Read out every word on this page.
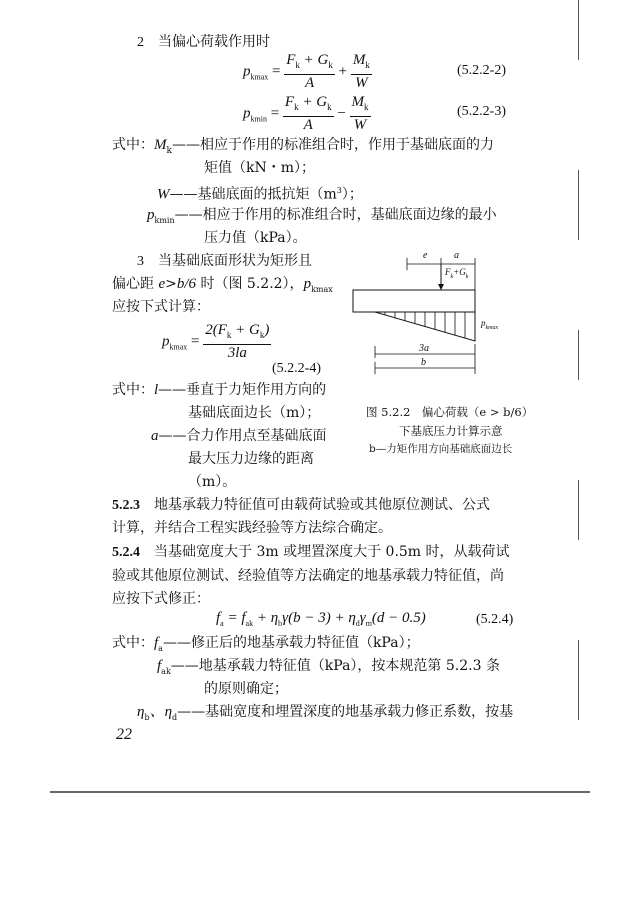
2　 当偏心荷载作用时
$p_{kmax} = \frac{F_k + G_k}{A} + \frac{M_k}{W}$	(5.2.2-2)
$p_{kmin} = \frac{F_k + G_k}{A} - \frac{M_k}{W}$	(5.2.2-3)
式中：$M_k——$相应于作用的标准组合时，作用于基础底面的力
矩值（kN・m）；
W——基础底面的抵抗矩$(m^3)$；
$p_{kmin}——$相应于作用的标准组合时，基础底面边缘的最小
压力值（kPa）。
3　 当基础底面形状为矩形且
偏心距 e>b/6 时（图 5.2.2），$p_{kmax}$
应按下式计算：
$p_{kmax} = \frac{2(F_k + G_k)}{3la}$
(5.2.2-4)
式中：l——垂直于力矩作用方向的
基础底面边长（m）；
a——合力作用点至基础底面
最大压力边缘的距离
（m）。
e	a
$F_k+G_k$
$p_{kmax}$
3a
b
图 5.2.2　偏心荷载（e > b/6）
下基底压力计算示意
b—力矩作用方向基础底面边长
5.2.3　 地基承载力特征值可由载荷试验或其他原位测试、公式
计算，并结合工程实践经验等方法综合确定。
5.2.4　 当基础宽度大于 3m 或埋置深度大于 0.5m 时，从载荷试
验或其他原位测试、经验值等方法确定的地基承载力特征值，尚
应按下式修正：
$f_a = f_{ak} + \eta_b\gamma(b - 3) + \eta_d\gamma_m(d - 0.5)$	(5.2.4)
式中：$f_a——$修正后的地基承载力特征值（kPa）；
$f_{ak}——$地基承载力特征值（kPa），按本规范第 5.2.3 条
的原则确定；
$\eta_b$、$\eta_d——$基础宽度和埋置深度的地基承载力修正系数，按基
22
